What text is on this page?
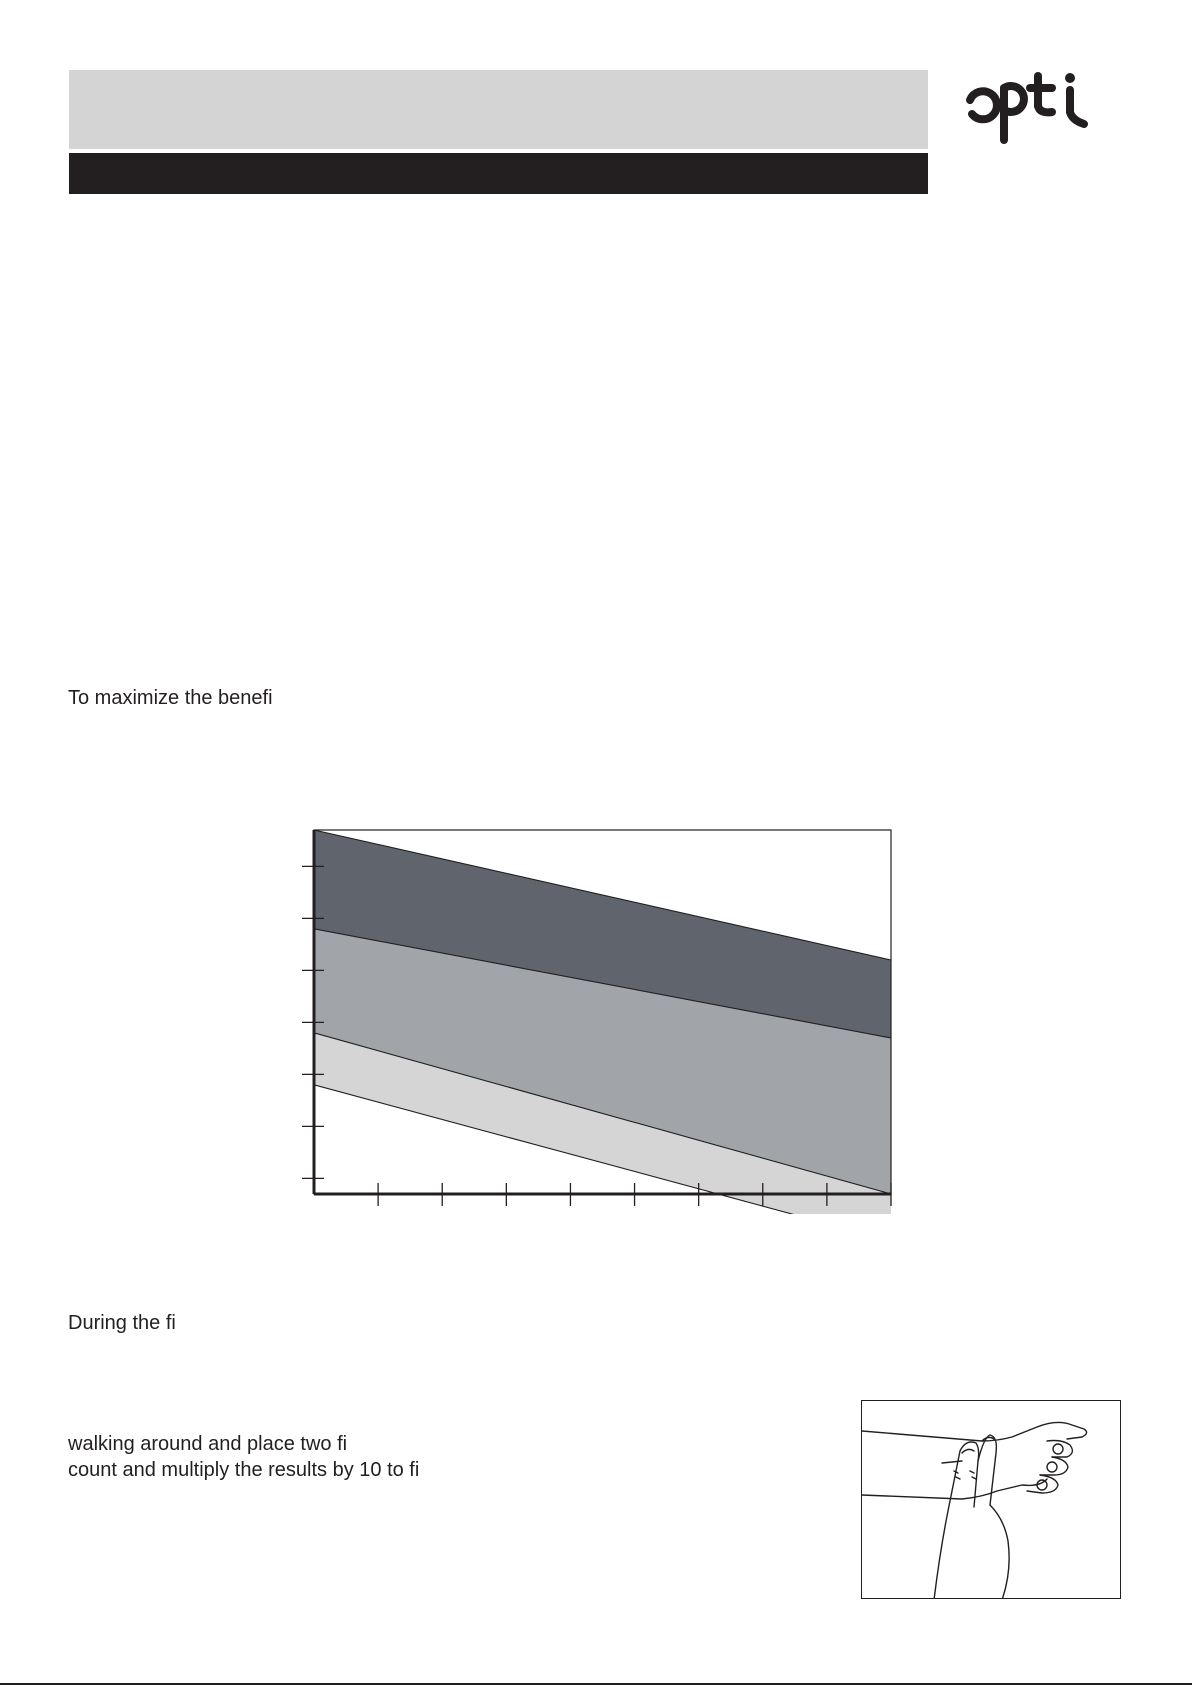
opti
To maximize the benefi
During the fi
walking around and place two fi
count and multiply the results by 10 to fi
